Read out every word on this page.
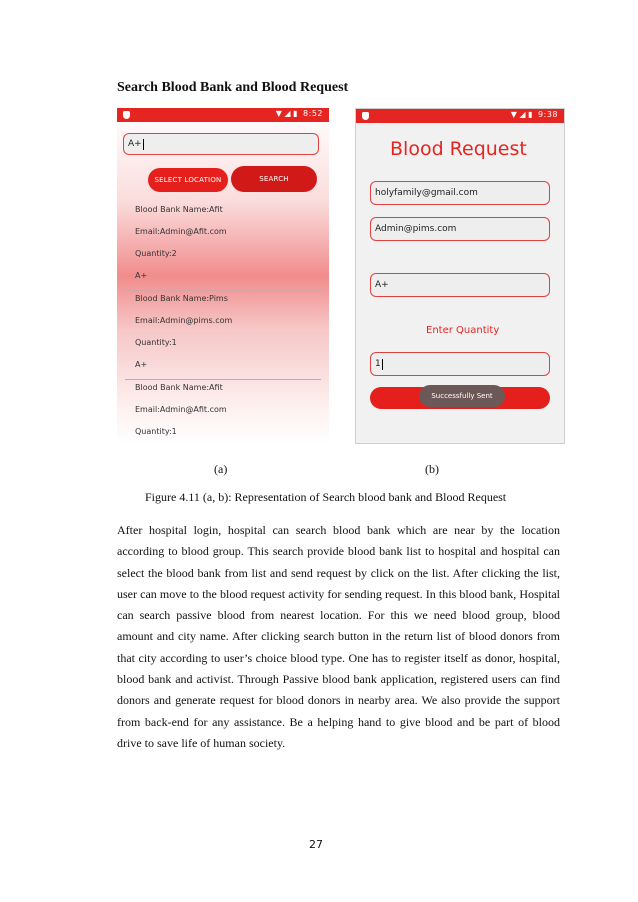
Search Blood Bank and Blood Request
▼ ◢ ▮ 8:52
A+
SELECT LOCATION	SEARCH
Blood Bank Name:Afit
Email:Admin@Afit.com
Quantity:2
A+
Blood Bank Name:Pims
Email:Admin@pims.com
Quantity:1
A+
Blood Bank Name:Afit
Email:Admin@Afit.com
Quantity:1
▼ ◢ ▮ 9:38
Blood Request
holyfamily@gmail.com
Admin@pims.com
A+
Enter Quantity
1
Successfully Sent
(a)	(b)
Figure 4.11 (a, b): Representation of Search blood bank and Blood Request
After hospital login, hospital can search blood bank which are near by the location according to blood group. This search provide blood bank list to hospital and hospital can select the blood bank from list and send request by click on the list. After clicking the list, user can move to the blood request activity for sending request. In this blood bank, Hospital can search passive blood from nearest location. For this we need blood group, blood amount and city name. After clicking search button in the return list of blood donors from that city according to user’s choice blood type. One has to register itself as donor, hospital, blood bank and activist. Through Passive blood bank application, registered users can find donors and generate request for blood donors in nearby area. We also provide the support from back-end for any assistance. Be a helping hand to give blood and be part of blood drive to save life of human society.
27
